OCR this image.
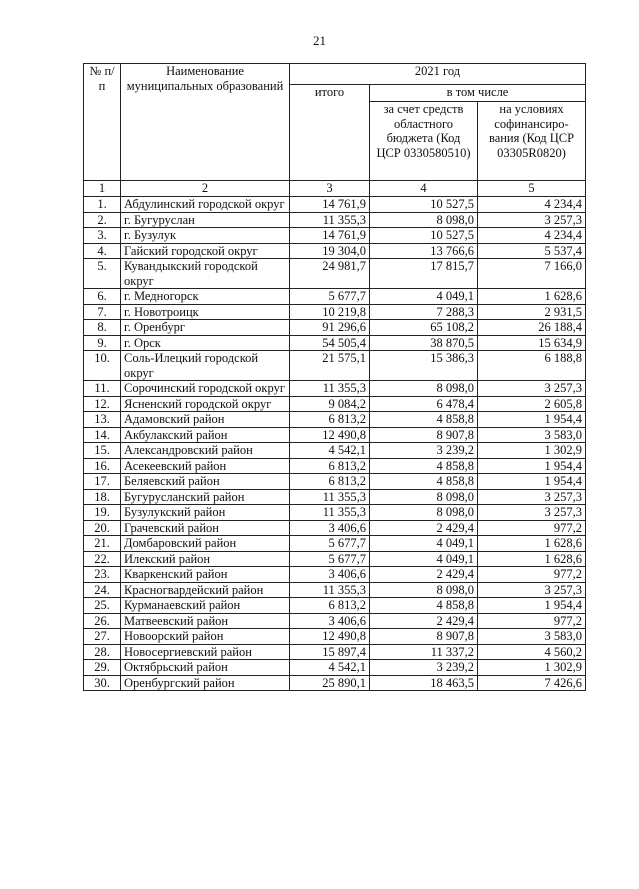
21
№ п/п	Наименование муниципальных образований	2021 год		
		итого	в том числе	
			за счет средств областного бюджета (Код ЦСР 0330580510)	на условиях софинансиро-вания (Код ЦСР 03305R0820)
1	2	3	4	5
1.	Абдулинский городской округ	14 761,9	10 527,5	4 234,4
2.	г. Бугуруслан	11 355,3	8 098,0	3 257,3
3.	г. Бузулук	14 761,9	10 527,5	4 234,4
4.	Гайский городской округ	19 304,0	13 766,6	5 537,4
5.	Кувандыкский городской округ	24 981,7	17 815,7	7 166,0
6.	г. Медногорск	5 677,7	4 049,1	1 628,6
7.	г. Новотроицк	10 219,8	7 288,3	2 931,5
8.	г. Оренбург	91 296,6	65 108,2	26 188,4
9.	г. Орск	54 505,4	38 870,5	15 634,9
10.	Соль-Илецкий городской округ	21 575,1	15 386,3	6 188,8
11.	Сорочинский городской округ	11 355,3	8 098,0	3 257,3
12.	Ясненский городской округ	9 084,2	6 478,4	2 605,8
13.	Адамовский район	6 813,2	4 858,8	1 954,4
14.	Акбулакский район	12 490,8	8 907,8	3 583,0
15.	Александровский район	4 542,1	3 239,2	1 302,9
16.	Асекеевский район	6 813,2	4 858,8	1 954,4
17.	Беляевский район	6 813,2	4 858,8	1 954,4
18.	Бугурусланский район	11 355,3	8 098,0	3 257,3
19.	Бузулукский район	11 355,3	8 098,0	3 257,3
20.	Грачевский район	3 406,6	2 429,4	977,2
21.	Домбаровский район	5 677,7	4 049,1	1 628,6
22.	Илекский район	5 677,7	4 049,1	1 628,6
23.	Кваркенский район	3 406,6	2 429,4	977,2
24.	Красногвардейский район	11 355,3	8 098,0	3 257,3
25.	Курманаевский район	6 813,2	4 858,8	1 954,4
26.	Матвеевский район	3 406,6	2 429,4	977,2
27.	Новоорский район	12 490,8	8 907,8	3 583,0
28.	Новосергиевский район	15 897,4	11 337,2	4 560,2
29.	Октябрьский район	4 542,1	3 239,2	1 302,9
30.	Оренбургский район	25 890,1	18 463,5	7 426,6
